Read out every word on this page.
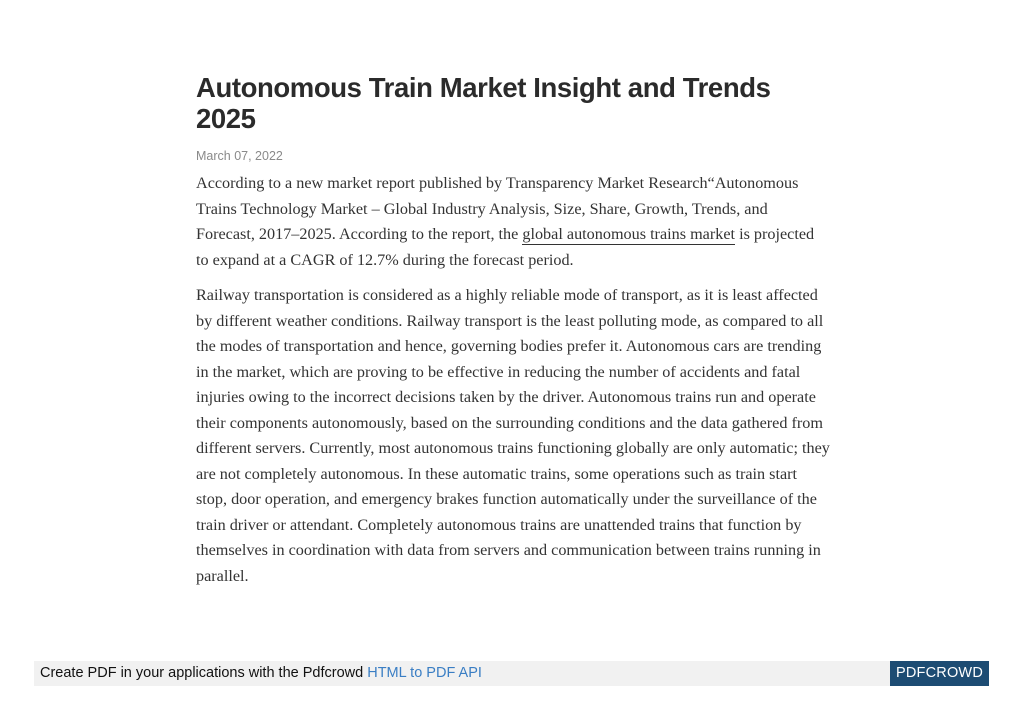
Autonomous Train Market Insight and Trends 2025
March 07, 2022

According to a new market report published by Transparency Market Research“Autonomous Trains Technology Market – Global Industry Analysis, Size, Share, Growth, Trends, and Forecast, 2017–2025. According to the report, the global autonomous trains market is projected to expand at a CAGR of 12.7% during the forecast period.

Railway transportation is considered as a highly reliable mode of transport, as it is least affected by different weather conditions. Railway transport is the least polluting mode, as compared to all the modes of transportation and hence, governing bodies prefer it. Autonomous cars are trending in the market, which are proving to be effective in reducing the number of accidents and fatal injuries owing to the incorrect decisions taken by the driver. Autonomous trains run and operate their components autonomously, based on the surrounding conditions and the data gathered from different servers. Currently, most autonomous trains functioning globally are only automatic; they are not completely autonomous. In these automatic trains, some operations such as train start stop, door operation, and emergency brakes function automatically under the surveillance of the train driver or attendant. Completely autonomous trains are unattended trains that function by themselves in coordination with data from servers and communication between trains running in parallel.

Create PDF in your applications with the Pdfcrowd HTML to PDF API	PDFCROWD
